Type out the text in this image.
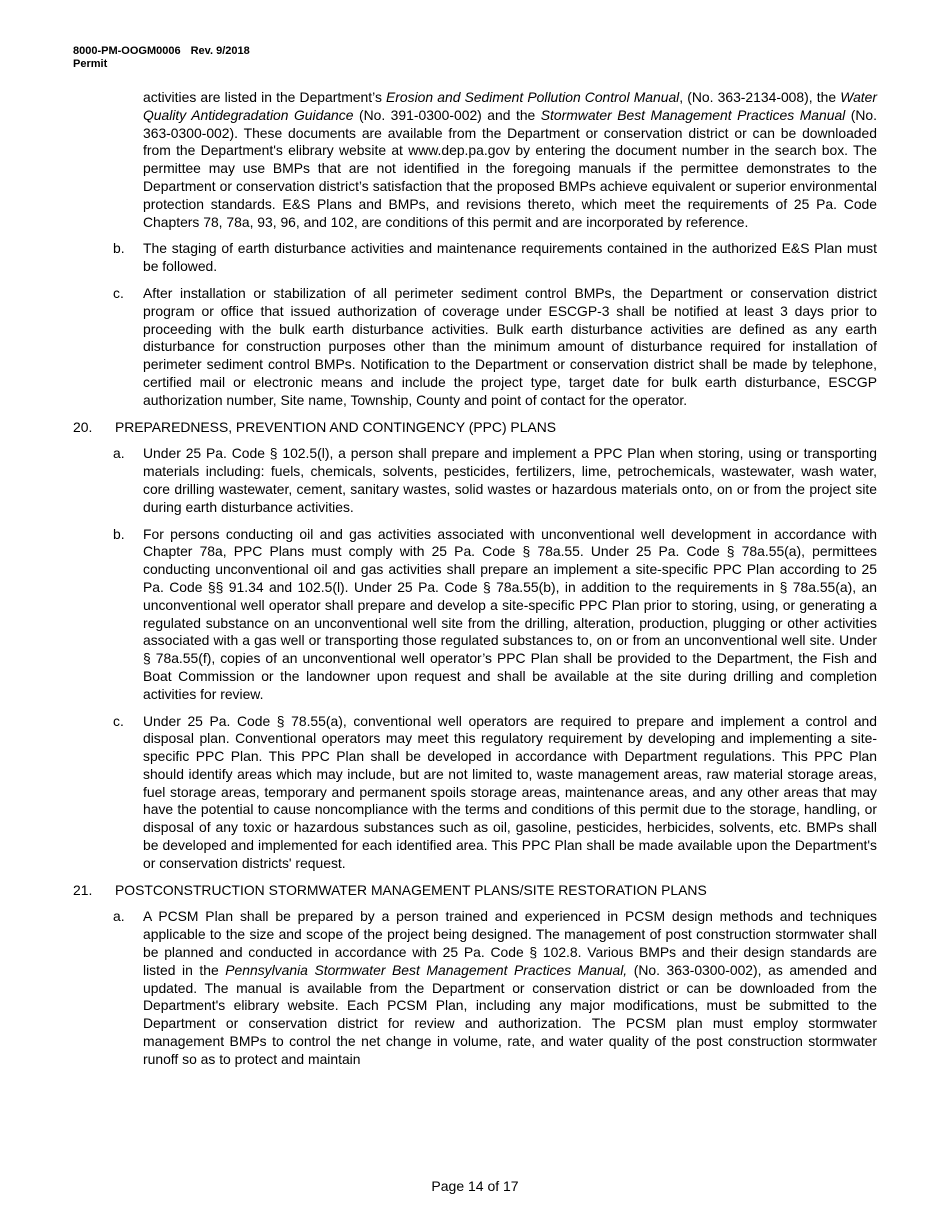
8000-PM-OOGM0006 Rev. 9/2018
Permit

activities are listed in the Department’s Erosion and Sediment Pollution Control Manual, (No. 363-2134-008), the Water Quality Antidegradation Guidance (No. 391-0300-002) and the Stormwater Best Management Practices Manual (No. 363-0300-002). These documents are available from the Department or conservation district or can be downloaded from the Department's elibrary website at www.dep.pa.gov by entering the document number in the search box. The permittee may use BMPs that are not identified in the foregoing manuals if the permittee demonstrates to the Department or conservation district’s satisfaction that the proposed BMPs achieve equivalent or superior environmental protection standards. E&S Plans and BMPs, and revisions thereto, which meet the requirements of 25 Pa. Code Chapters 78, 78a, 93, 96, and 102, are conditions of this permit and are incorporated by reference.

b.	The staging of earth disturbance activities and maintenance requirements contained in the authorized E&S Plan must be followed.
c.	After installation or stabilization of all perimeter sediment control BMPs, the Department or conservation district program or office that issued authorization of coverage under ESCGP-3 shall be notified at least 3 days prior to proceeding with the bulk earth disturbance activities. Bulk earth disturbance activities are defined as any earth disturbance for construction purposes other than the minimum amount of disturbance required for installation of perimeter sediment control BMPs. Notification to the Department or conservation district shall be made by telephone, certified mail or electronic means and include the project type, target date for bulk earth disturbance, ESCGP authorization number, Site name, Township, County and point of contact for the operator.
20.	PREPAREDNESS, PREVENTION AND CONTINGENCY (PPC) PLANS
a.	Under 25 Pa. Code § 102.5(l), a person shall prepare and implement a PPC Plan when storing, using or transporting materials including: fuels, chemicals, solvents, pesticides, fertilizers, lime, petrochemicals, wastewater, wash water, core drilling wastewater, cement, sanitary wastes, solid wastes or hazardous materials onto, on or from the project site during earth disturbance activities.
b.	For persons conducting oil and gas activities associated with unconventional well development in accordance with Chapter 78a, PPC Plans must comply with 25 Pa. Code § 78a.55. Under 25 Pa. Code § 78a.55(a), permittees conducting unconventional oil and gas activities shall prepare an implement a site-specific PPC Plan according to 25 Pa. Code §§ 91.34 and 102.5(l). Under 25 Pa. Code § 78a.55(b), in addition to the requirements in § 78a.55(a), an unconventional well operator shall prepare and develop a site-specific PPC Plan prior to storing, using, or generating a regulated substance on an unconventional well site from the drilling, alteration, production, plugging or other activities associated with a gas well or transporting those regulated substances to, on or from an unconventional well site. Under § 78a.55(f), copies of an unconventional well operator’s PPC Plan shall be provided to the Department, the Fish and Boat Commission or the landowner upon request and shall be available at the site during drilling and completion activities for review.
c.	Under 25 Pa. Code § 78.55(a), conventional well operators are required to prepare and implement a control and disposal plan. Conventional operators may meet this regulatory requirement by developing and implementing a site-specific PPC Plan. This PPC Plan shall be developed in accordance with Department regulations. This PPC Plan should identify areas which may include, but are not limited to, waste management areas, raw material storage areas, fuel storage areas, temporary and permanent spoils storage areas, maintenance areas, and any other areas that may have the potential to cause noncompliance with the terms and conditions of this permit due to the storage, handling, or disposal of any toxic or hazardous substances such as oil, gasoline, pesticides, herbicides, solvents, etc. BMPs shall be developed and implemented for each identified area. This PPC Plan shall be made available upon the Department's or conservation districts' request.
21.	POSTCONSTRUCTION STORMWATER MANAGEMENT PLANS/SITE RESTORATION PLANS
a.	A PCSM Plan shall be prepared by a person trained and experienced in PCSM design methods and techniques applicable to the size and scope of the project being designed. The management of post construction stormwater shall be planned and conducted in accordance with 25 Pa. Code § 102.8. Various BMPs and their design standards are listed in the Pennsylvania Stormwater Best Management Practices Manual, (No. 363-0300-002), as amended and updated. The manual is available from the Department or conservation district or can be downloaded from the Department's elibrary website. Each PCSM Plan, including any major modifications, must be submitted to the Department or conservation district for review and authorization. The PCSM plan must employ stormwater management BMPs to control the net change in volume, rate, and water quality of the post construction stormwater runoff so as to protect and maintain
Page 14 of 17
